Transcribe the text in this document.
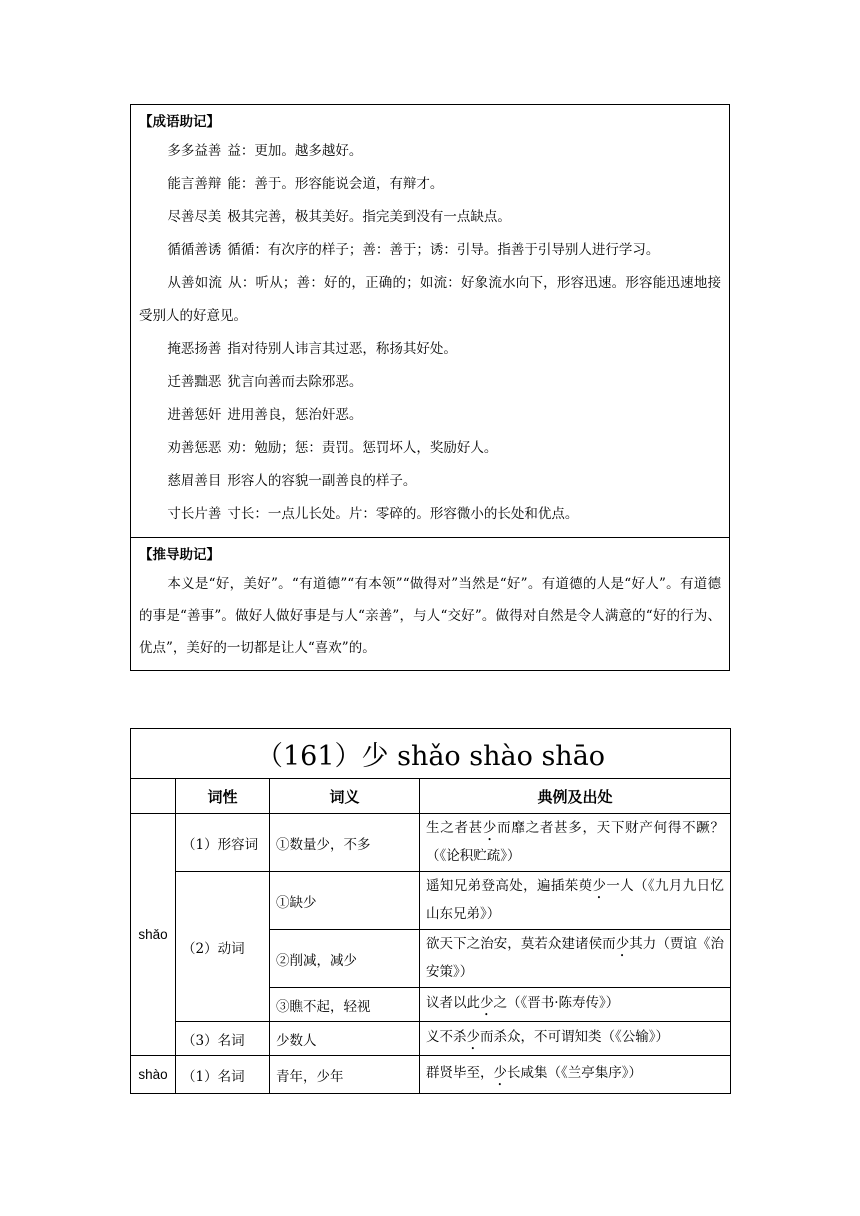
【成语助记】
多多益善 益：更加。越多越好。
能言善辩 能：善于。形容能说会道，有辩才。
尽善尽美 极其完善，极其美好。指完美到没有一点缺点。
循循善诱 循循：有次序的样子；善：善于；诱：引导。指善于引导别人进行学习。
从善如流 从：听从；善：好的，正确的；如流：好象流水向下，形容迅速。形容能迅速地接受别人的好意见。
掩恶扬善 指对待别人讳言其过恶，称扬其好处。
迁善黜恶 犹言向善而去除邪恶。
进善惩奸 进用善良，惩治奸恶。
劝善惩恶 劝：勉励；惩：责罚。惩罚坏人，奖励好人。
慈眉善目 形容人的容貌一副善良的样子。
寸长片善 寸长：一点儿长处。片：零碎的。形容微小的长处和优点。
【推导助记】
本义是“好，美好”。“有道德”“有本领”“做得对”当然是“好”。有道德的人是“好人”。有道德的事是“善事”。做好人做好事是与人“亲善”，与人“交好”。做得对自然是令人满意的“好的行为、优点”，美好的一切都是让人“喜欢”的。
（161）少 shǎo shào shāo			
	词性	词义	典例及出处
shǎo	（1）形容词	①数量少，不多	生之者甚少而靡之者甚多，天下财产何得不蹶？（《论积贮疏》）
	（2）动词	①缺少	遥知兄弟登高处，遍插茱萸少一人（《九月九日忆山东兄弟》）
		②削减，减少	欲天下之治安，莫若众建诸侯而少其力（贾谊《治安策》）
		③瞧不起，轻视	议者以此少之（《晋书·陈寿传》）
	（3）名词	少数人	义不杀少而杀众，不可谓知类（《公输》）
shào	（1）名词	青年，少年	群贤毕至，少长咸集（《兰亭集序》）
